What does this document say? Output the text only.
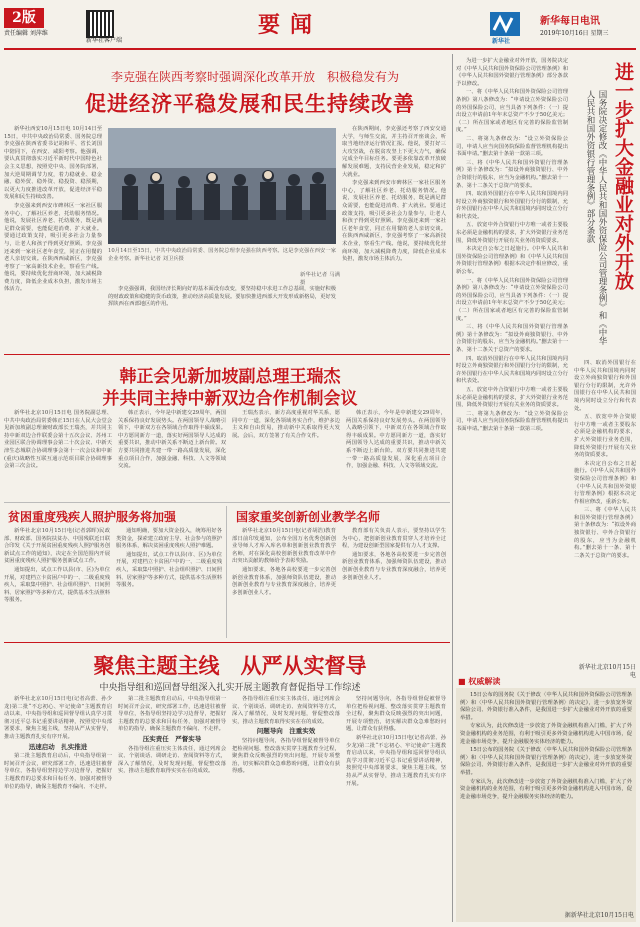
2版
责任编辑 刘萍维
新华社客户端
要闻
新华社
新华每日电讯
2019年10月16日 星期三
李克强在陕西考察时强调深化改革开放　积极稳发有为
促进经济平稳发展和民生持续改善

新华社西安10月15日电 10月14日至15日，中共中央政治局常委、国务院总理李克强在陕西省委书记胡和平、省长刘国中陪同下，在西安、咸阳考察。他强调，要认真贯彻落实习近平新时代中国特色社会主义思想，按照党中央、国务院部署，加大逆周期调节力度，着力稳就业、稳金融、稳外贸、稳外资、稳投资、稳预期，以更大力度推进改革开放，促进经济平稳发展和民生持续改善。

李克强来到西安市碑林区一家社区服务中心，了解社区养老、托幼服务情况。他说，发展社区养老、托幼服务，既是满足群众需要，也能促进消费、扩大就业。要通过政策支持，吸引更多社会力量参与，让老人和孩子得到更好照顾。李克强还来到一家社区老年食堂，同正在用餐的老人亲切交谈。在陕西西咸新区，李克强考察了一家高新技术企业，察看生产线。他说，要持续优化营商环境，加大减税降费力度，降低企业成本负担，激发市场主体活力。

10月14日至15日，中共中央政治局常委、国务院总理李克强在陕西考察。这是李克强在西安一家企业考察。新华社记者 刘卫兵摄
新华社记者 马满摄

李克强强调，我国经济长期向好的基本面没有改变，要坚持稳中求进工作总基调，实施好积极的财政政策和稳健的货币政策，推动经济高质量发展。要加快推进西部大开发形成新格局，更好发挥陕西在西部地区的作用。

在陕西期间，李克强还考察了西安交通大学，与师生交流，并主持召开座谈会，听取当地经济运行情况汇报。他说，要打好三大攻坚战，在脱贫攻坚上下更大力气，确保完成全年目标任务。要更多依靠改革开放破解发展难题，支持民营企业发展，稳定和扩大就业。

李克强来到西安市碑林区一家社区服务中心，了解社区养老、托幼服务情况。他说，发展社区养老、托幼服务，既是满足群众需要，也能促进消费、扩大就业。要通过政策支持，吸引更多社会力量参与，让老人和孩子得到更好照顾。李克强还来到一家社区老年食堂，同正在用餐的老人亲切交谈。在陕西西咸新区，李克强考察了一家高新技术企业，察看生产线。他说，要持续优化营商环境，加大减税降费力度，降低企业成本负担，激发市场主体活力。

韩正会见新加坡副总理王瑞杰
并共同主持中新双边合作机制会议

新华社北京10月15日电 国务院副总理、中共中央政治局常委韩正15日在人民大会堂会见新加坡副总理兼财政部长王瑞杰，并共同主持中新双边合作联委会第十五次会议、苏州工业园区联合协调理事会第二十次会议、中新天津生态城联合协调理事会第十一次会议和中新(重庆)战略性互联互通示范项目联合协调理事会第三次会议。

韩正表示，今年是中新建交29周年，两国关系保持良好发展势头。在两国领导人战略引领下，中新双方在各领域合作取得丰硕成果。中方愿同新方一道，落实好两国领导人达成的重要共识，推动中新关系不断迈上新台阶。双方要共同推进共建一带一路高质量发展，深化重点项目合作，加强金融、科技、人文等领域交流。

王瑞杰表示，新方高度重视对华关系，愿同中方一道，深化各领域务实合作，维护多边主义和自由贸易，推动新中关系取得更大发展。会后，双方签署了有关合作文件。

韩正表示，今年是中新建交29周年，两国关系保持良好发展势头。在两国领导人战略引领下，中新双方在各领域合作取得丰硕成果。中方愿同新方一道，落实好两国领导人达成的重要共识，推动中新关系不断迈上新台阶。双方要共同推进共建一带一路高质量发展，深化重点项目合作，加强金融、科技、人文等领域交流。

贫困重度残疾人照护服务将加强

新华社北京10月15日电(记者郭晖)民政部、财政部、国务院扶贫办、中国残联近日联合印发《关于开展贫困重度残疾人照护服务创新试点工作的通知》，决定在全国范围内开展贫困重度残疾人照护服务创新试点工作。

通知提出，试点工作以县(市、区)为单位开展，对建档立卡贫困户中的一、二级重度残疾人，采取集中照护、社会组织照护、日间照料、居家照护等多种方式，提供基本生活照料等服务。

通知明确，要加大资金投入，统筹用好各类资金，探索建立政府主导、社会参与的照护服务体系，解决贫困重度残疾人照护难题。

通知提出，试点工作以县(市、区)为单位开展，对建档立卡贫困户中的一、二级重度残疾人，采取集中照护、社会组织照护、日间照料、居家照护等多种方式，提供基本生活照料等服务。

国家重奖创新创业教学名师

新华社北京10月15日电(记者胡浩)教育部日前印发通知，公布全国万名优秀创新创业导师人才库入库名单和创新创业教育教学名师，对在深化高校创新创业教育改革中作出突出贡献的教师给予表彰奖励。

通知要求，各地各高校要进一步完善创新创业教育体系，加强师资队伍建设，推动创新创业教育与专业教育深度融合，培养更多创新创业人才。

教育部有关负责人表示，要坚持以学生为中心，把创新创业教育贯穿人才培养全过程，为建设创新型国家提供有力人才支撑。

通知要求，各地各高校要进一步完善创新创业教育体系，加强师资队伍建设，推动创新创业教育与专业教育深度融合，培养更多创新创业人才。

聚焦主题主线　从严从实督导
中央指导组和巡回督导组深入扎实开展主题教育督促指导工作综述

新华社北京10月15日电(记者高蕾、孙少龙)第二批“不忘初心、牢记使命”主题教育启动以来，中央指导组和巡回督导组认真学习贯彻习近平总书记重要讲话精神，按照党中央部署要求，聚焦主题主线，坚持从严从实督导，推动主题教育扎实有序开展。

迅速启动　扎实推进

第二批主题教育启动后，中央指导组第一时间召开会议，研究部署工作，迅速进驻被督导单位，各指导组坚持边学习边督导，把握好主题教育的总要求和目标任务，加强对被督导单位的指导，确保主题教育不偏向、不走样。

第二批主题教育启动后，中央指导组第一时间召开会议，研究部署工作，迅速进驻被督导单位，各指导组坚持边学习边督导，把握好主题教育的总要求和目标任务，加强对被督导单位的指导，确保主题教育不偏向、不走样。

压实责任　严督实导

各指导组注重压实主体责任，通过列席会议、个别谈话、调研走访、查阅资料等方式，深入了解情况，及时发现问题，督促整改落实，推动主题教育取得实实在在的成效。

各指导组注重压实主体责任，通过列席会议、个别谈话、调研走访、查阅资料等方式，深入了解情况，及时发现问题，督促整改落实，推动主题教育取得实实在在的成效。

问题导向　注重实效

坚持问题导向，各指导组督促被督导单位把检视问题、整改落实贯穿主题教育全过程，聚焦群众反映强烈的突出问题，开展专项整治，切实解决群众急难愁盼问题，让群众有获得感。

坚持问题导向，各指导组督促被督导单位把检视问题、整改落实贯穿主题教育全过程，聚焦群众反映强烈的突出问题，开展专项整治，切实解决群众急难愁盼问题，让群众有获得感。

新华社北京10月15日电(记者高蕾、孙少龙)第二批“不忘初心、牢记使命”主题教育启动以来，中央指导组和巡回督导组认真学习贯彻习近平总书记重要讲话精神，按照党中央部署要求，聚焦主题主线，坚持从严从实督导，推动主题教育扎实有序开展。

为进一步扩大金融业对外开放，国务院决定对《中华人民共和国外资保险公司管理条例》和《中华人民共和国外资银行管理条例》部分条款予以修改。

一、将《中华人民共和国外资保险公司管理条例》第八条修改为：“申请设立外资保险公司的外国保险公司，应当具备下列条件：（一）提出设立申请前1年年末总资产不少于50亿美元；（二）所在国家或者地区有完善的保险监管制度。”

二、将第九条修改为：“设立外资保险公司，申请人应当向国务院保险监督管理机构提出书面申请。”删去第十条第一款第三项。

三、将《中华人民共和国外资银行管理条例》第十条修改为：“拟设外商独资银行、中外合资银行的股东，应当为金融机构。”删去第十一条、第十二条关于总资产的要求。

四、取消外国银行在中华人民共和国境内同时设立外商独资银行和外国银行分行的限制，允许外国银行在中华人民共和国境内同时设立分行和代表处。

五、放宽中外合资银行中方唯一或者主要股东必须是金融机构的要求，扩大外资银行业务范围，降低外资银行开展有关业务的资质要求。

本决定自公布之日起施行。《中华人民共和国外资保险公司管理条例》和《中华人民共和国外资银行管理条例》根据本决定作相应修改，重新公布。

一、将《中华人民共和国外资保险公司管理条例》第八条修改为：“申请设立外资保险公司的外国保险公司，应当具备下列条件：（一）提出设立申请前1年年末总资产不少于50亿美元；（二）所在国家或者地区有完善的保险监管制度。”

三、将《中华人民共和国外资银行管理条例》第十条修改为：“拟设外商独资银行、中外合资银行的股东，应当为金融机构。”删去第十一条、第十二条关于总资产的要求。

四、取消外国银行在中华人民共和国境内同时设立外商独资银行和外国银行分行的限制，允许外国银行在中华人民共和国境内同时设立分行和代表处。

五、放宽中外合资银行中方唯一或者主要股东必须是金融机构的要求，扩大外资银行业务范围，降低外资银行开展有关业务的资质要求。

二、将第九条修改为：“设立外资保险公司，申请人应当向国务院保险监督管理机构提出书面申请。”删去第十条第一款第三项。

进一步扩大金融业对外开放
国务院决定修改《中华人民共和国外资保险公司管理条例》和《中华人民共和国外资银行管理条例》部分条款

四、取消外国银行在中华人民共和国境内同时设立外商独资银行和外国银行分行的限制，允许外国银行在中华人民共和国境内同时设立分行和代表处。

五、放宽中外合资银行中方唯一或者主要股东必须是金融机构的要求，扩大外资银行业务范围，降低外资银行开展有关业务的资质要求。

本决定自公布之日起施行。《中华人民共和国外资保险公司管理条例》和《中华人民共和国外资银行管理条例》根据本决定作相应修改，重新公布。

三、将《中华人民共和国外资银行管理条例》第十条修改为：“拟设外商独资银行、中外合资银行的股东，应当为金融机构。”删去第十一条、第十二条关于总资产的要求。

新华社北京10月15日电
■ 权威解读

15日公布的国务院《关于修改〈中华人民共和国外资保险公司管理条例〉和〈中华人民共和国外资银行管理条例〉的决定》，进一步放宽外资保险公司、外资银行准入条件，是我国进一步扩大金融业对外开放的重要举措。

专家认为，此次修改进一步放宽了外资金融机构准入门槛，扩大了外资金融机构的业务范围，有利于吸引更多外资金融机构进入中国市场，促进金融市场竞争，提升金融服务实体经济的能力。

15日公布的国务院《关于修改〈中华人民共和国外资保险公司管理条例〉和〈中华人民共和国外资银行管理条例〉的决定》，进一步放宽外资保险公司、外资银行准入条件，是我国进一步扩大金融业对外开放的重要举措。

专家认为，此次修改进一步放宽了外资金融机构准入门槛，扩大了外资金融机构的业务范围，有利于吸引更多外资金融机构进入中国市场，促进金融市场竞争，提升金融服务实体经济的能力。

据新华社北京10月15日电
